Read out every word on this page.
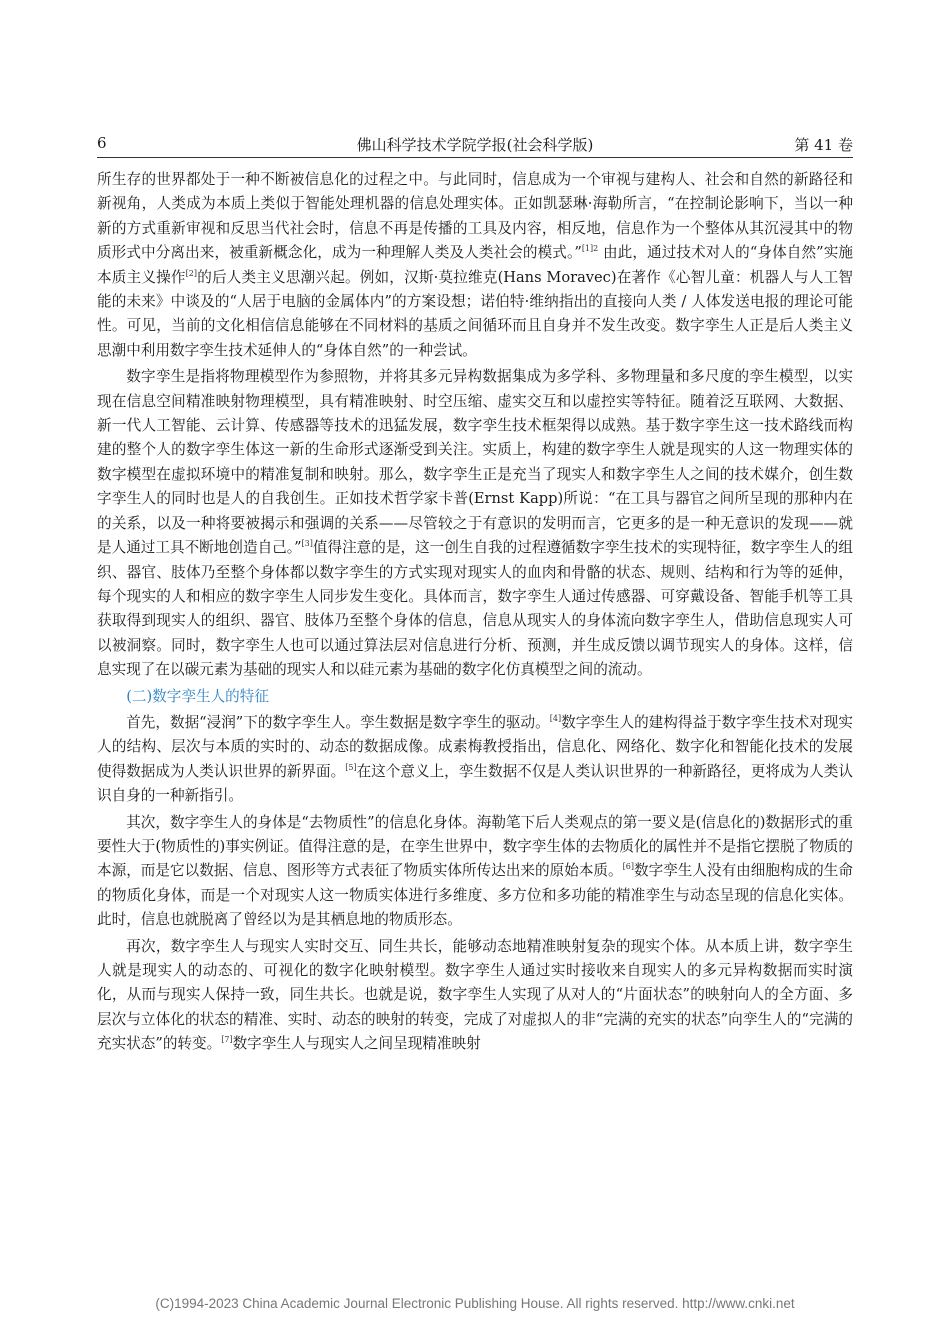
6	佛山科学技术学院学报(社会科学版)	第 41 卷

所生存的世界都处于一种不断被信息化的过程之中。与此同时，信息成为一个审视与建构人、社会和自然的新路径和新视角，人类成为本质上类似于智能处理机器的信息处理实体。正如凯瑟琳·海勒所言，“在控制论影响下，当以一种新的方式重新审视和反思当代社会时，信息不再是传播的工具及内容，相反地，信息作为一个整体从其沉浸其中的物质形式中分离出来，被重新概念化，成为一种理解人类及人类社会的模式。”$^{[1]2}$ 由此，通过技术对人的“身体自然”实施本质主义操作[2]的后人类主义思潮兴起。例如，汉斯·莫拉维克(Hans Moravec)在著作《心智儿童：机器人与人工智能的未来》中谈及的“人居于电脑的金属体内”的方案设想；诺伯特·维纳指出的直接向人类 / 人体发送电报的理论可能性。可见，当前的文化相信信息能够在不同材料的基质之间循环而且自身并不发生改变。数字孪生人正是后人类主义思潮中利用数字孪生技术延伸人的“身体自然”的一种尝试。

数字孪生是指将物理模型作为参照物，并将其多元异构数据集成为多学科、多物理量和多尺度的孪生模型，以实现在信息空间精准映射物理模型，具有精准映射、时空压缩、虚实交互和以虚控实等特征。随着泛互联网、大数据、新一代人工智能、云计算、传感器等技术的迅猛发展，数字孪生技术框架得以成熟。基于数字孪生这一技术路线而构建的整个人的数字孪生体这一新的生命形式逐渐受到关注。实质上，构建的数字孪生人就是现实的人这一物理实体的数字模型在虚拟环境中的精准复制和映射。那么，数字孪生正是充当了现实人和数字孪生人之间的技术媒介，创生数字孪生人的同时也是人的自我创生。正如技术哲学家卡普(Ernst Kapp)所说：“在工具与器官之间所呈现的那种内在的关系，以及一种将要被揭示和强调的关系——尽管较之于有意识的发明而言，它更多的是一种无意识的发现——就是人通过工具不断地创造自己。”[3]值得注意的是，这一创生自我的过程遵循数字孪生技术的实现特征，数字孪生人的组织、器官、肢体乃至整个身体都以数字孪生的方式实现对现实人的血肉和骨骼的状态、规则、结构和行为等的延伸，每个现实的人和相应的数字孪生人同步发生变化。具体而言，数字孪生人通过传感器、可穿戴设备、智能手机等工具获取得到现实人的组织、器官、肢体乃至整个身体的信息，信息从现实人的身体流向数字孪生人，借助信息现实人可以被洞察。同时，数字孪生人也可以通过算法层对信息进行分析、预测，并生成反馈以调节现实人的身体。这样，信息实现了在以碳元素为基础的现实人和以硅元素为基础的数字化仿真模型之间的流动。

(二)数字孪生人的特征

首先，数据“浸润”下的数字孪生人。孪生数据是数字孪生的驱动。[4]数字孪生人的建构得益于数字孪生技术对现实人的结构、层次与本质的实时的、动态的数据成像。成素梅教授指出，信息化、网络化、数字化和智能化技术的发展使得数据成为人类认识世界的新界面。[5]在这个意义上，孪生数据不仅是人类认识世界的一种新路径，更将成为人类认识自身的一种新指引。

其次，数字孪生人的身体是“去物质性”的信息化身体。海勒笔下后人类观点的第一要义是(信息化的)数据形式的重要性大于(物质性的)事实例证。值得注意的是，在孪生世界中，数字孪生体的去物质化的属性并不是指它摆脱了物质的本源，而是它以数据、信息、图形等方式表征了物质实体所传达出来的原始本质。[6]数字孪生人没有由细胞构成的生命的物质化身体，而是一个对现实人这一物质实体进行多维度、多方位和多功能的精准孪生与动态呈现的信息化实体。此时，信息也就脱离了曾经以为是其栖息地的物质形态。

再次，数字孪生人与现实人实时交互、同生共长，能够动态地精准映射复杂的现实个体。从本质上讲，数字孪生人就是现实人的动态的、可视化的数字化映射模型。数字孪生人通过实时接收来自现实人的多元异构数据而实时演化，从而与现实人保持一致，同生共长。也就是说，数字孪生人实现了从对人的“片面状态”的映射向人的全方面、多层次与立体化的状态的精准、实时、动态的映射的转变，完成了对虚拟人的非“完满的充实的状态”向孪生人的“完满的充实状态”的转变。[7]数字孪生人与现实人之间呈现精准映射

(C)1994-2023 China Academic Journal Electronic Publishing House. All rights reserved. http://www.cnki.net
